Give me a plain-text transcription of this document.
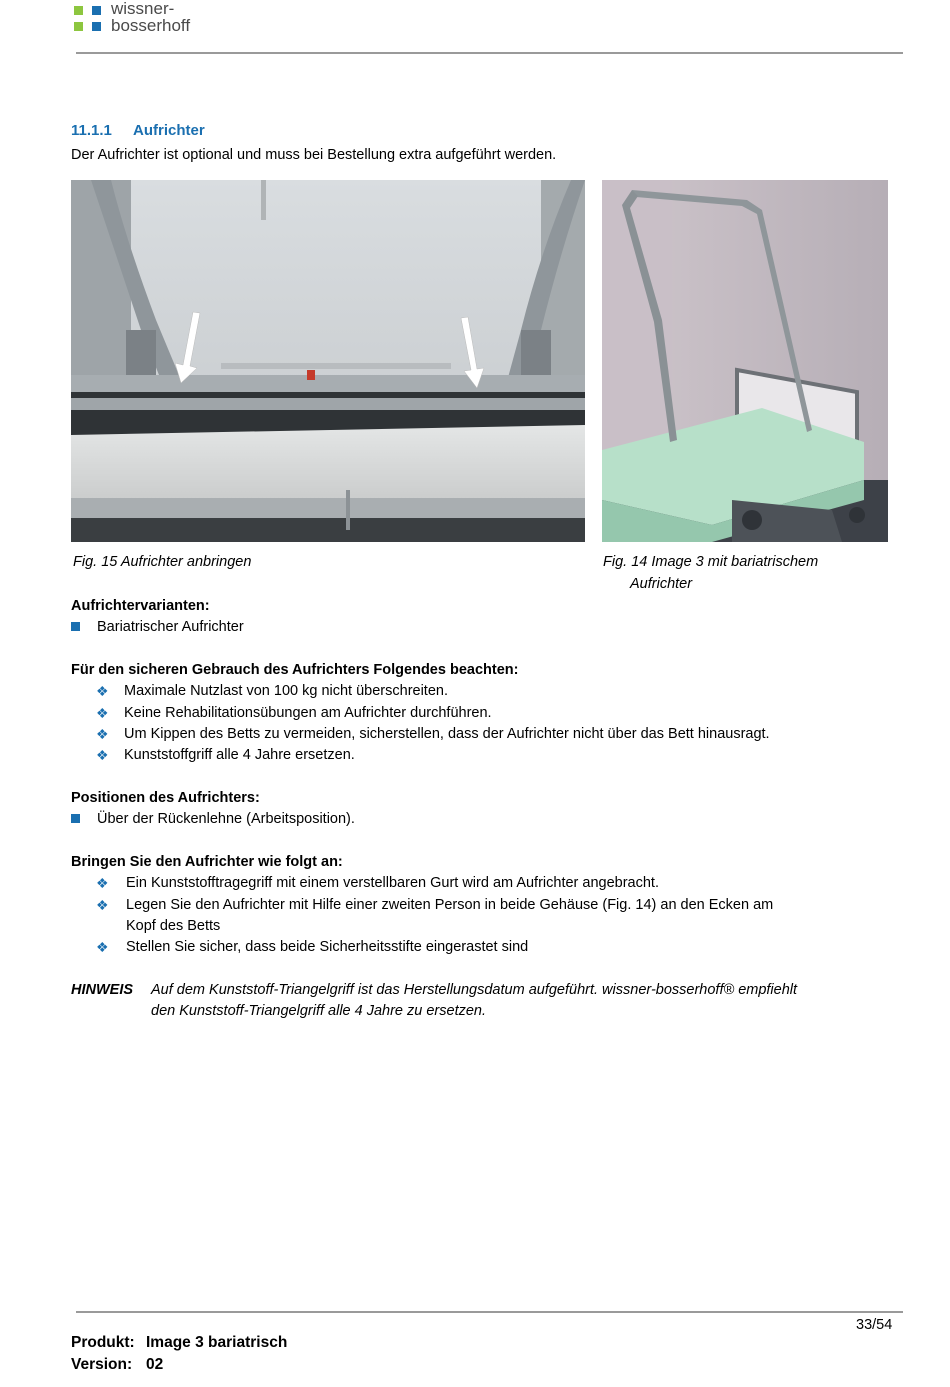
wissner-
bosserhoff
11.1.1 Aufrichter
Der Aufrichter ist optional und muss bei Bestellung extra aufgeführt werden.
Fig. 15 Aufrichter anbringen	Fig. 14 Image 3 mit bariatrischem
Aufrichter
Aufrichtervarianten:
Bariatrischer Aufrichter
Für den sicheren Gebrauch des Aufrichters Folgendes beachten:
❖ Maximale Nutzlast von 100 kg nicht überschreiten.
❖ Keine Rehabilitationsübungen am Aufrichter durchführen.
❖ Um Kippen des Betts zu vermeiden, sicherstellen, dass der Aufrichter nicht über das Bett hinausragt.
❖ Kunststoffgriff alle 4 Jahre ersetzen.
Positionen des Aufrichters:
Über der Rückenlehne (Arbeitsposition).
Bringen Sie den Aufrichter wie folgt an:
❖ Ein Kunststofftragegriff mit einem verstellbaren Gurt wird am Aufrichter angebracht.
❖ Legen Sie den Aufrichter mit Hilfe einer zweiten Person in beide Gehäuse (Fig. 14) an den Ecken am
Kopf des Betts
❖ Stellen Sie sicher, dass beide Sicherheitsstifte eingerastet sind
HINWEIS Auf dem Kunststoff-Triangelgriff ist das Herstellungsdatum aufgeführt. wissner-bosserhoff® empfiehlt
den Kunststoff-Triangelgriff alle 4 Jahre zu ersetzen.
33/54
Produkt: Image 3 bariatrisch
Version: 02
